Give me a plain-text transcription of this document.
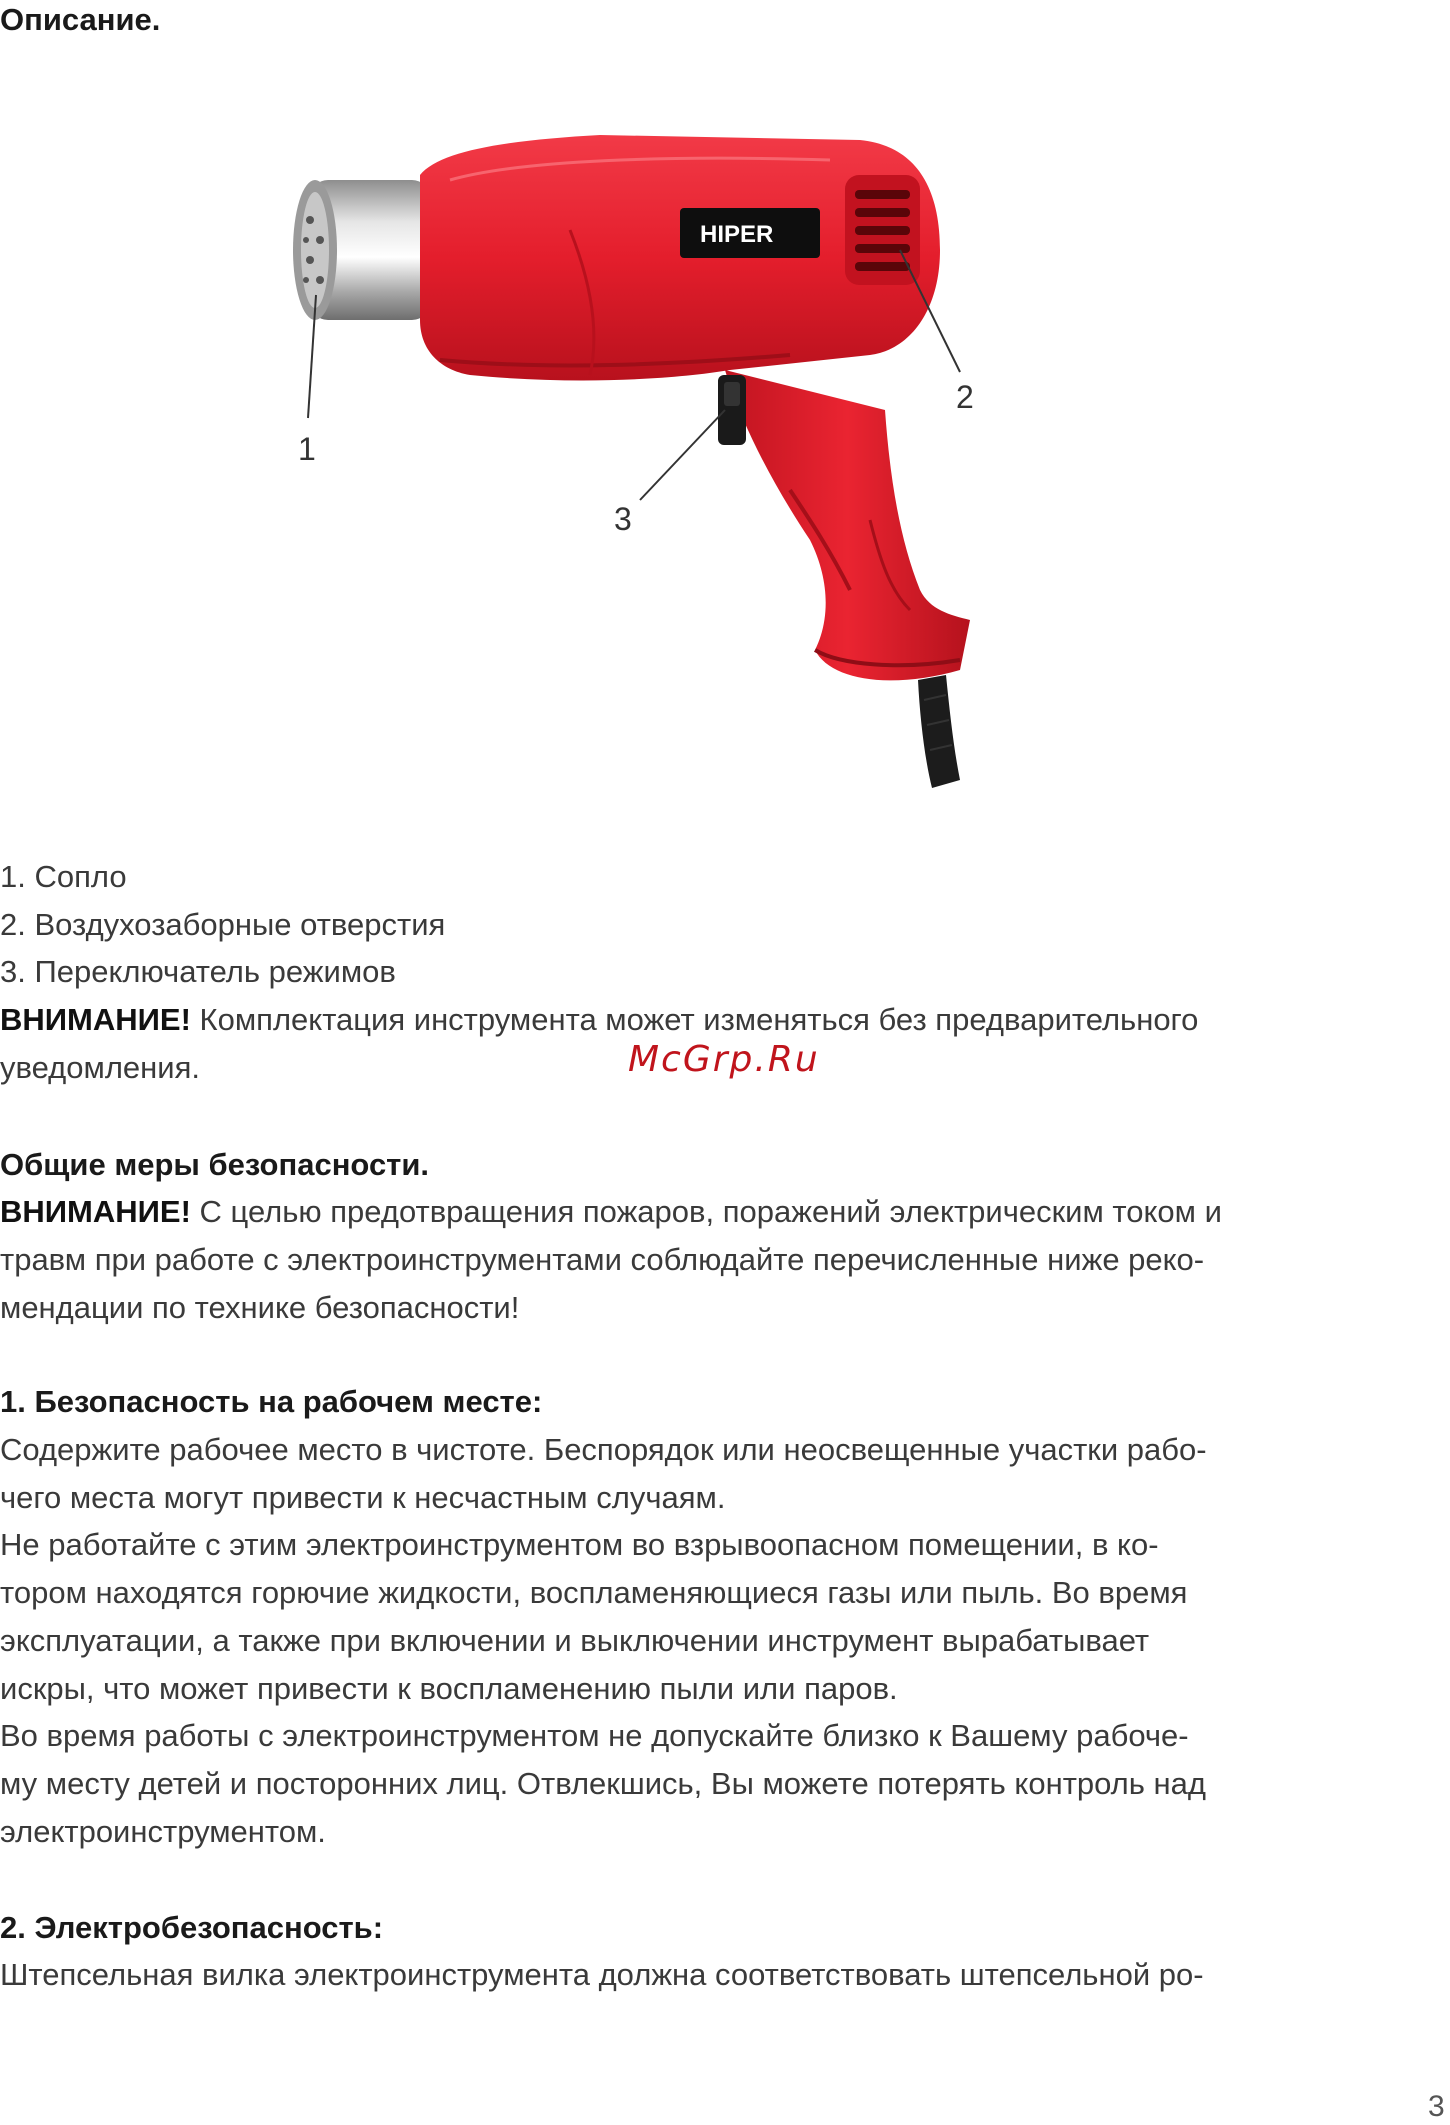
Описание.
HIPER
1
2
3

1. Сопло

2. Воздухозаборные отверстия

3. Переключатель режимов

ВНИМАНИЕ! Комплектация инструмента может изменяться без предварительного

уведомления.	McGrp.Ru
Общие меры безопасности.

ВНИМАНИЕ! С целью предотвращения пожаров, поражений электрическим током и

травм при работе с электроинструментами соблюдайте перечисленные ниже реко-

мендации по технике безопасности!

1. Безопасность на рабочем месте:

Содержите рабочее место в чистоте. Беспорядок или неосвещенные участки рабо-

чего места могут привести к несчастным случаям.

Не работайте с этим электроинструментом во взрывоопасном помещении, в ко-

тором находятся горючие жидкости, воспламеняющиеся газы или пыль. Во время

эксплуатации, а также при включении и выключении инструмент вырабатывает

искры, что может привести к воспламенению пыли или паров.

Во время работы с электроинструментом не допускайте близко к Вашему рабоче-

му месту детей и посторонних лиц. Отвлекшись, Вы можете потерять контроль над

электроинструментом.

2. Электробезопасность:

Штепсельная вилка электроинструмента должна соответствовать штепсельной ро-

3
